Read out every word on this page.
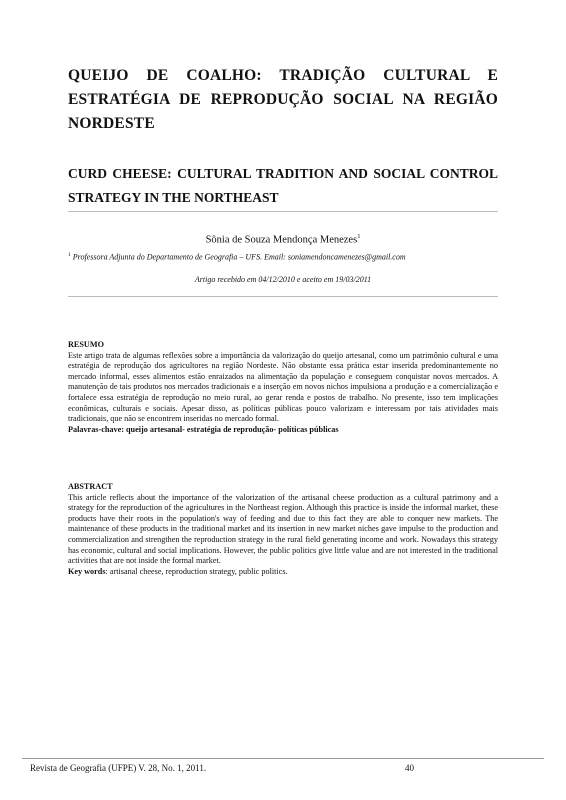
QUEIJO DE COALHO: TRADIÇÃO CULTURAL E ESTRATÉGIA DE REPRODUÇÃO SOCIAL NA REGIÃO NORDESTE
CURD CHEESE: CULTURAL TRADITION AND SOCIAL CONTROL STRATEGY IN THE NORTHEAST
Sônia de Souza Mendonça Menezes$^1$
$^1$ Professora Adjunta do Departamento de Geografia – UFS. Email: soniamendoncamenezes@gmail.com
Artigo recebido em 04/12/2010 e aceito em 19/03/2011
RESUMO
Este artigo trata de algumas reflexões sobre a importância da valorização do queijo artesanal, como um patrimônio cultural e uma estratégia de reprodução dos agricultores na região Nordeste. Não obstante essa prática estar inserida predominantemente no mercado informal, esses alimentos estão enraizados na alimentação da população e conseguem conquistar novos mercados. A manutenção de tais produtos nos mercados tradicionais e a inserção em novos nichos impulsiona a produção e a comercialização e fortalece essa estratégia de reprodução no meio rural, ao gerar renda e postos de trabalho. No presente, isso tem implicações econômicas, culturais e sociais. Apesar disso, as políticas públicas pouco valorizam e interessam por tais atividades mais tradicionais, que não se encontrem inseridas no mercado formal.
Palavras-chave: queijo artesanal- estratégia de reprodução- políticas públicas
ABSTRACT
This article reflects about the importance of the valorization of the artisanal cheese production as a cultural patrimony and a strategy for the reproduction of the agricultures in the Northeast region. Although this practice is inside the informal market, these products have their roots in the population's way of feeding and due to this fact they are able to conquer new markets. The maintenance of these products in the traditional market and its insertion in new market niches gave impulse to the production and commercialization and strengthen the reproduction strategy in the rural field generating income and work. Nowadays this strategy has economic, cultural and social implications. However, the public politics give little value and are not interested in the traditional activities that are not inside the formal market.
Key words: artisanal cheese, reproduction strategy, public politics.
Revista de Geografia (UFPE) V. 28, No. 1, 2011.	40
